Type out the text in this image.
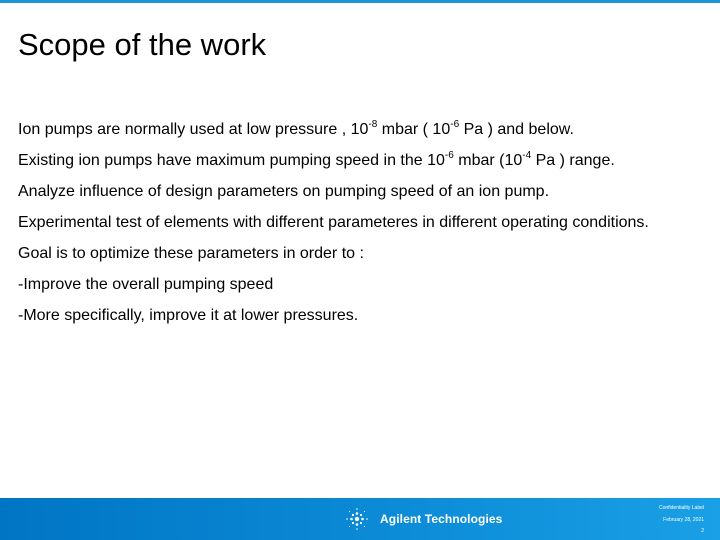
Scope of the work

Ion pumps are normally used at low pressure , $10^{-8}$ mbar ( $10^{-6}$ Pa ) and below.

Existing ion pumps have maximum pumping speed in the $10^{-6}$ mbar ($10^{-4}$ Pa ) range.

Analyze influence of design parameters on pumping speed of an ion pump.

Experimental test of elements with different parameteres in different operating conditions.

Goal is to optimize these parameters in order to :

-Improve the overall pumping speed

-More specifically, improve it at lower pressures.

Agilent Technologies
Confidentiality Label
February 28, 2021
2
